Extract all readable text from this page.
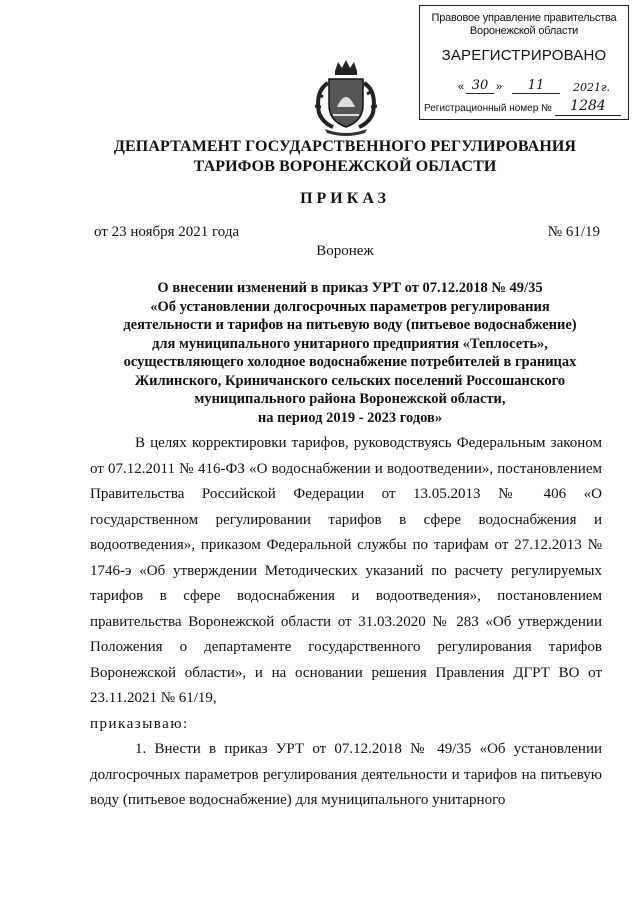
Правовое управление правительства
Воронежской области
ЗАРЕГИСТРИРОВАНО
« 30 »	11	2021г.
Регистрационный номер №	1284
ДЕПАРТАМЕНТ ГОСУДАРСТВЕННОГО РЕГУЛИРОВАНИЯ
ТАРИФОВ ВОРОНЕЖСКОЙ ОБЛАСТИ
ПРИКАЗ
от 23 ноября 2021 года	№ 61/19
Воронеж
О внесении изменений в приказ УРТ от 07.12.2018 № 49/35
«Об установлении долгосрочных параметров регулирования
деятельности и тарифов на питьевую воду (питьевое водоснабжение)
для муниципального унитарного предприятия «Теплосеть»,
осуществляющего холодное водоснабжение потребителей в границах
Жилинского, Криничанского сельских поселений Россошанского
муниципального района Воронежской области,
на период 2019 - 2023 годов»

В целях корректировки тарифов, руководствуясь Федеральным законом от 07.12.2011 № 416-ФЗ «О водоснабжении и водоотведении», постановлением Правительства Российской Федерации от 13.05.2013 № 406 «О государственном регулировании тарифов в сфере водоснабжения и водоотведения», приказом Федеральной службы по тарифам от 27.12.2013 № 1746-э «Об утверждении Методических указаний по расчету регулируемых тарифов в сфере водоснабжения и водоотведения», постановлением правительства Воронежской области от 31.03.2020 № 283 «Об утверждении Положения о департаменте государственного регулирования тарифов Воронежской области», и на основании решения Правления ДГРТ ВО от 23.11.2021 № 61/19,

приказываю:

1. Внести в приказ УРТ от 07.12.2018 № 49/35 «Об установлении долгосрочных параметров регулирования деятельности и тарифов на питьевую воду (питьевое водоснабжение) для муниципального унитарного
